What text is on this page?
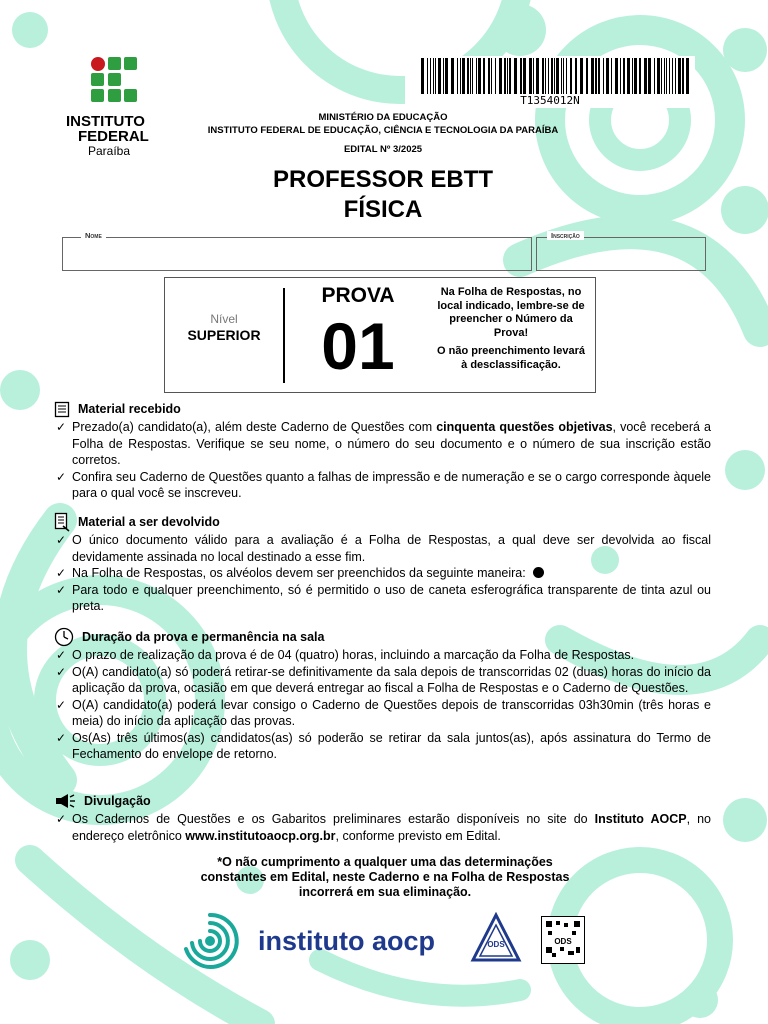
INSTITUTO
FEDERAL
Paraíba
T1354012N
MINISTÉRIO DA EDUCAÇÃO
INSTITUTO FEDERAL DE EDUCAÇÃO, CIÊNCIA E TECNOLOGIA DA PARAÍBA
EDITAL Nº 3/2025
PROFESSOR EBTT
FÍSICA
Nome	Inscrição
Nível
SUPERIOR
PROVA
01
Na Folha de Respostas, no local indicado, lembre-se de preencher o Número da Prova!
O não preenchimento levará à desclassificação.
Material recebido
✓ Prezado(a) candidato(a), além deste Caderno de Questões com cinquenta questões objetivas, você receberá a Folha de Respostas. Verifique se seu nome, o número do seu documento e o número de sua inscrição estão corretos.
✓ Confira seu Caderno de Questões quanto a falhas de impressão e de numeração e se o cargo corresponde àquele para o qual você se inscreveu.
Material a ser devolvido
✓ O único documento válido para a avaliação é a Folha de Respostas, a qual deve ser devolvida ao fiscal devidamente assinada no local destinado a esse fim.
✓ Na Folha de Respostas, os alvéolos devem ser preenchidos da seguinte maneira:
✓ Para todo e qualquer preenchimento, só é permitido o uso de caneta esferográfica transparente de tinta azul ou preta.
Duração da prova e permanência na sala
✓ O prazo de realização da prova é de 04 (quatro) horas, incluindo a marcação da Folha de Respostas.
✓ O(A) candidato(a) só poderá retirar-se definitivamente da sala depois de transcorridas 02 (duas) horas do início da aplicação da prova, ocasião em que deverá entregar ao fiscal a Folha de Respostas e o Caderno de Questões.
✓ O(A) candidato(a) poderá levar consigo o Caderno de Questões depois de transcorridas 03h30min (três horas e meia) do início da aplicação das provas.
✓ Os(As) três últimos(as) candidatos(as) só poderão se retirar da sala juntos(as), após assinatura do Termo de Fechamento do envelope de retorno.
Divulgação
✓ Os Cadernos de Questões e os Gabaritos preliminares estarão disponíveis no site do Instituto AOCP, no endereço eletrônico www.institutoaocp.org.br, conforme previsto em Edital.
*O não cumprimento a qualquer uma das determinações constantes em Edital, neste Caderno e na Folha de Respostas incorrerá em sua eliminação.
instituto aocp	ODS	ODS
